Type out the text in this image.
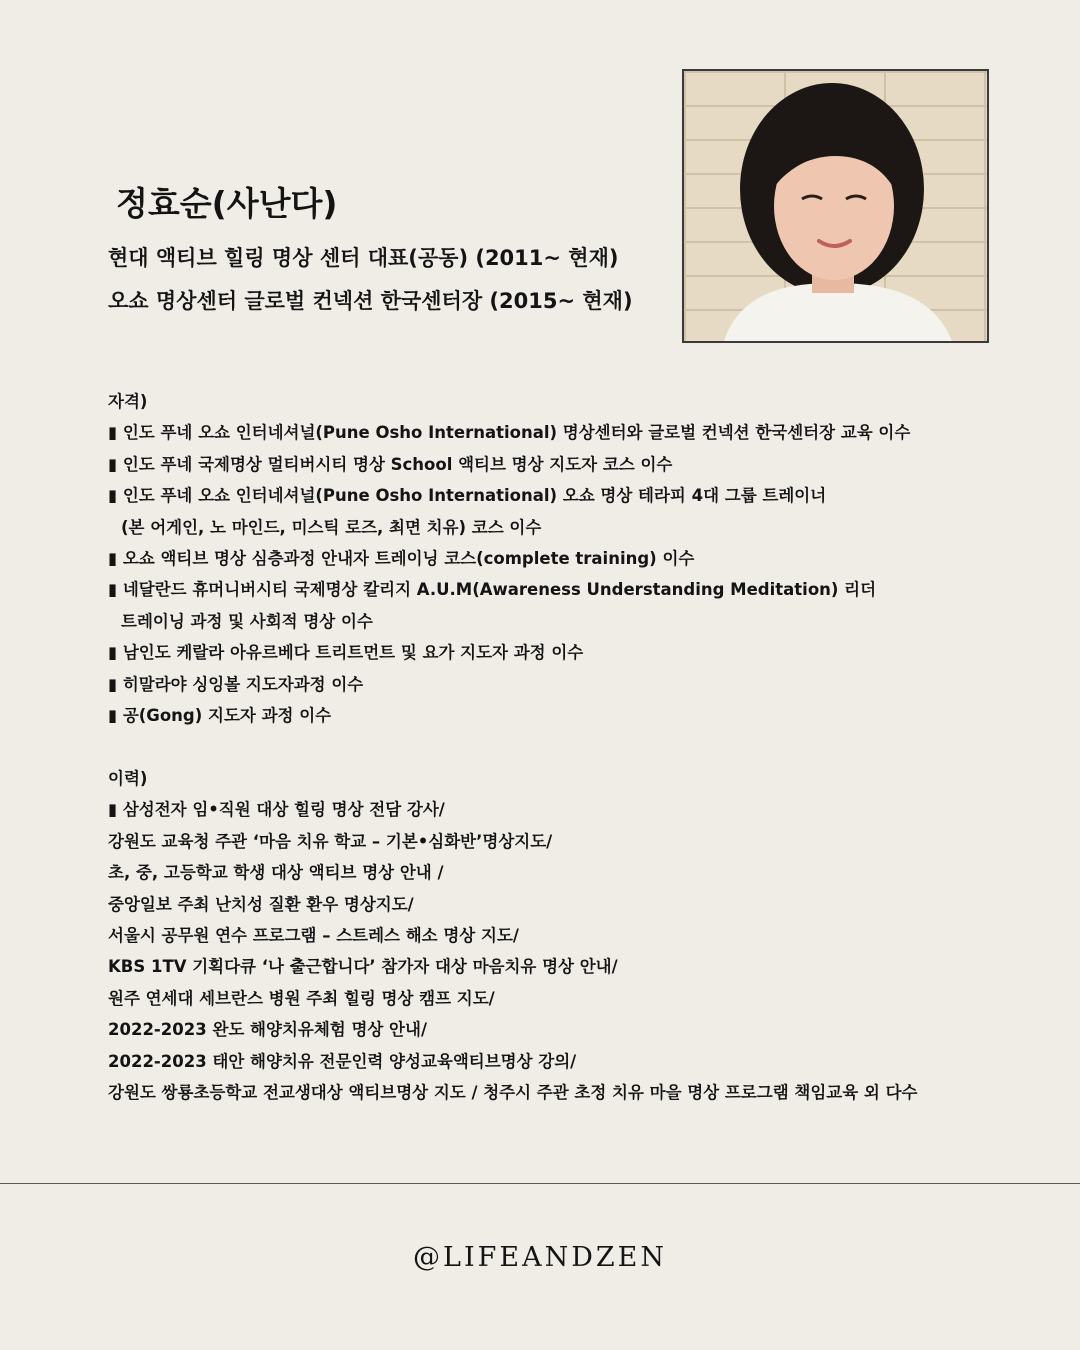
정효순(사난다)
현대 액티브 힐링 명상 센터 대표(공동) (2011~ 현재)
오쇼 명상센터 글로벌 컨넥션 한국센터장 (2015~ 현재)
자격)
▮ 인도 푸네 오쇼 인터네셔널(Pune Osho International) 명상센터와 글로벌 컨넥션 한국센터장 교육 이수
▮ 인도 푸네 국제명상 멀티버시티 명상 School 액티브 명상 지도자 코스 이수
▮ 인도 푸네 오쇼 인터네셔널(Pune Osho International) 오쇼 명상 테라피 4대 그룹 트레이너
(본 어게인, 노 마인드, 미스틱 로즈, 최면 치유) 코스 이수
▮ 오쇼 액티브 명상 심층과정 안내자 트레이닝 코스(complete training) 이수
▮ 네달란드 휴머니버시티 국제명상 칼리지 A.U.M(Awareness Understanding Meditation) 리더
트레이닝 과정 및 사회적 명상 이수
▮ 남인도 케랄라 아유르베다 트리트먼트 및 요가 지도자 과정 이수
▮ 히말라야 싱잉볼 지도자과정 이수
▮ 공(Gong) 지도자 과정 이수
이력)
▮ 삼성전자 임•직원 대상 힐링 명상 전담 강사/
강원도 교육청 주관 ‘마음 치유 학교 – 기본•심화반’명상지도/
초, 중, 고등학교 학생 대상 액티브 명상 안내 /
중앙일보 주최 난치성 질환 환우 명상지도/
서울시 공무원 연수 프로그램 – 스트레스 해소 명상 지도/
KBS 1TV 기획다큐 ‘나 출근합니다’ 참가자 대상 마음치유 명상 안내/
원주 연세대 세브란스 병원 주최 힐링 명상 캠프 지도/
2022-2023 완도 해양치유체험 명상 안내/
2022-2023 태안 해양치유 전문인력 양성교육액티브명상 강의/
강원도 쌍룡초등학교 전교생대상 액티브명상 지도 / 청주시 주관 초정 치유 마을 명상 프로그램 책임교육 외 다수
@LIFEANDZEN
